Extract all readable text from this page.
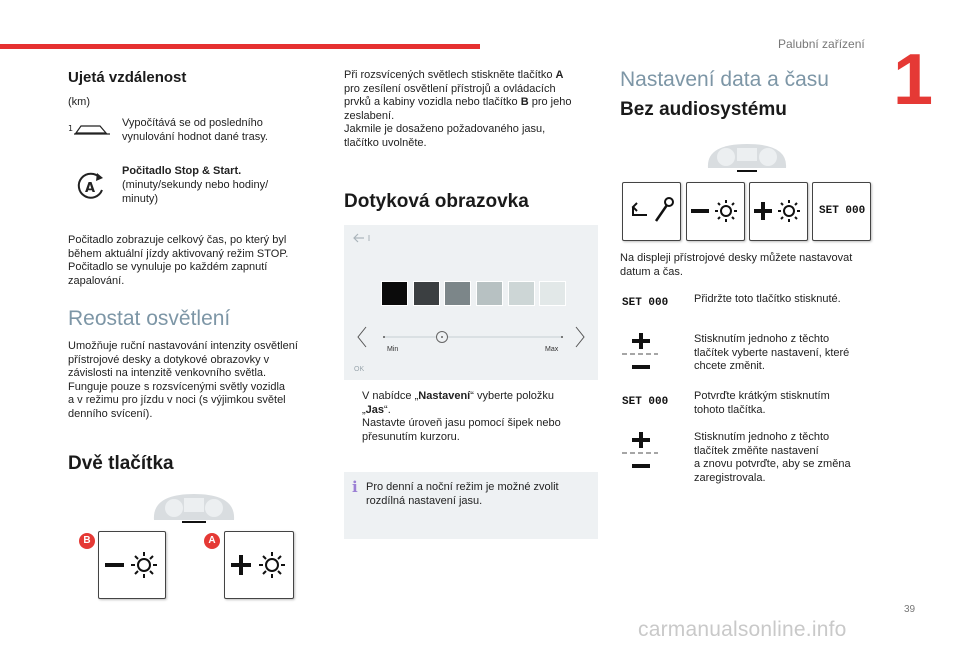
Palubní zařízení 1
Ujetá vzdálenost
(km)
1	Vypočítává se od posledního
vynulování hodnot dané trasy.
A
Počitadlo Stop & Start.
(minuty/sekundy nebo hodiny/
minuty)
Počitadlo zobrazuje celkový čas, po který byl
během aktuální jízdy aktivovaný režim STOP.
Počitadlo se vynuluje po každém zapnutí
zapalování.
Reostat osvětlení
Umožňuje ruční nastavování intenzity osvětlení
přístrojové desky a dotykové obrazovky v
závislosti na intenzitě venkovního světla.
Funguje pouze s rozsvícenými světly vozidla
a v režimu pro jízdu v noci (s výjimkou světel
denního svícení).
Dvě tlačítka
B	A
Při rozsvícených světlech stiskněte tlačítko A
pro zesílení osvětlení přístrojů a ovládacích
prvků a kabiny vozidla nebo tlačítko B pro jeho
zeslabení.
Jakmile je dosaženo požadovaného jasu,
tlačítko uvolněte.
Dotyková obrazovka
Min	Max
OK
V nabídce „Nastavení“ vyberte položku
„Jas“.
Nastavte úroveň jasu pomocí šipek nebo
přesunutím kurzoru.
i Pro denní a noční režim je možné zvolit
rozdílná nastavení jasu.
Nastavení data a času
Bez audiosystému
SET 000
Na displeji přístrojové desky můžete nastavovat
datum a čas.
SET 000 Přidržte toto tlačítko stisknuté.
Stisknutím jednoho z těchto
tlačítek vyberte nastavení, které
chcete změnit.
SET 000 Potvrďte krátkým stisknutím
tohoto tlačítka.
Stisknutím jednoho z těchto
tlačítek změňte nastavení
a znovu potvrďte, aby se změna
zaregistrovala.
39
carmanualsonline.info
